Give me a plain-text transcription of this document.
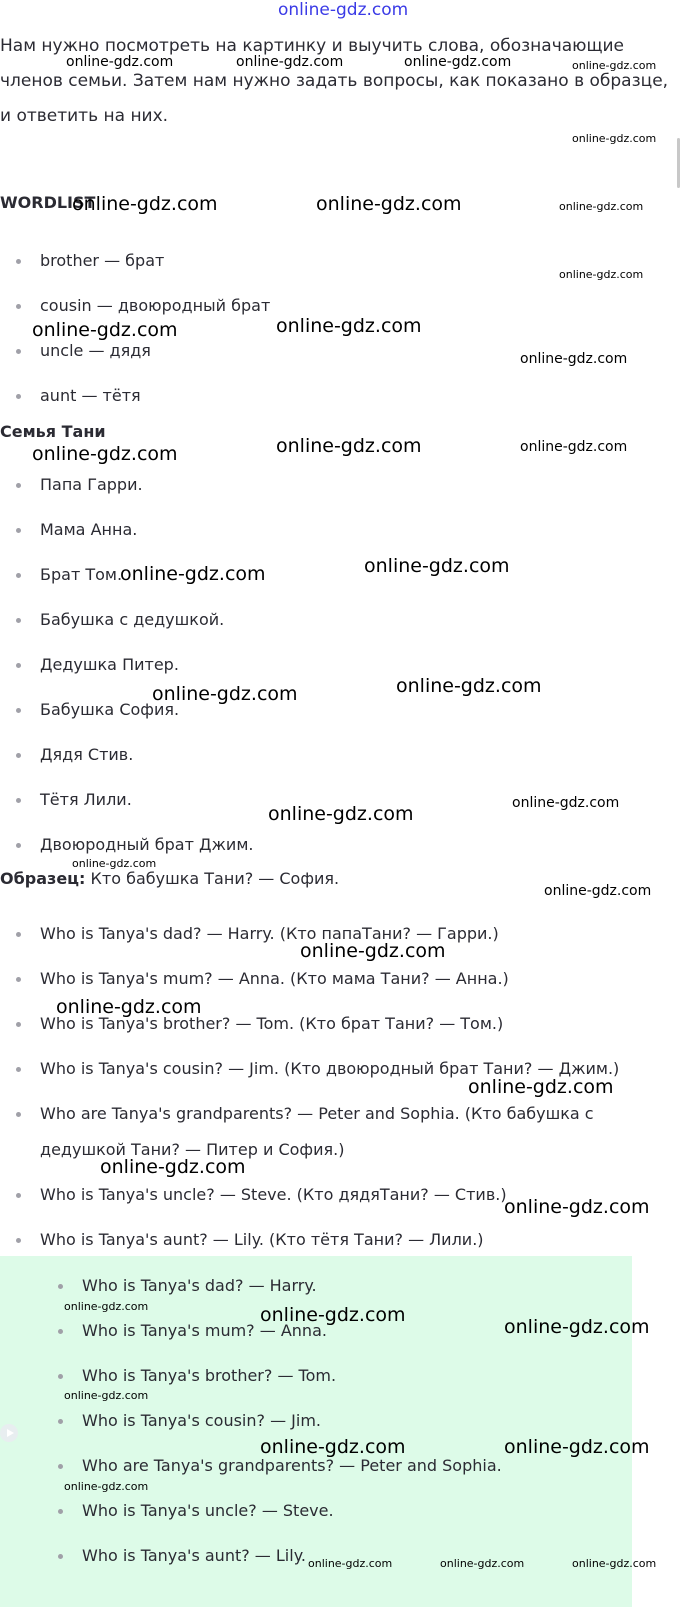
online-gdz.com
Нам нужно посмотреть на картинку и выучить слова, обозначающие членов семьи. Затем нам нужно задать вопросы, как показано в образце, и ответить на них.
WORDLIST
brother — брат
cousin — двоюродный брат
uncle — дядя
aunt — тётя
Семья Тани
Папа Гарри.
Мама Анна.
Брат Том.
Бабушка с дедушкой.
Дедушка Питер.
Бабушка София.
Дядя Стив.
Тётя Лили.
Двоюродный брат Джим.
Образец: Кто бабушка Тани? — София.
Who is Tanya's dad? — Harry. (Кто папаТани? — Гарри.)
Who is Tanya's mum? — Anna. (Кто мама Тани? — Анна.)
Who is Tanya's brother? — Tom. (Кто брат Тани? — Том.)
Who is Tanya's cousin? — Jim. (Кто двоюродный брат Тани? — Джим.)
Who are Tanya's grandparents? — Peter and Sophia. (Кто бабушка с дедушкой Тани? — Питер и София.)
Who is Tanya's uncle? — Steve. (Кто дядяТани? — Стив.)
Who is Tanya's aunt? — Lily. (Кто тётя Тани? — Лили.)
Who is Tanya's dad? — Harry.
Who is Tanya's mum? — Anna.
Who is Tanya's brother? — Tom.
Who is Tanya's cousin? — Jim.
Who are Tanya's grandparents? — Peter and Sophia.
Who is Tanya's uncle? — Steve.
Who is Tanya's aunt? — Lily.
online-gdz.com	online-gdz.com	online-gdz.com	online-gdz.com
online-gdz.com
online-gdz.com	online-gdz.com	online-gdz.com
online-gdz.com
online-gdz.com	online-gdz.com
online-gdz.com
online-gdz.com	online-gdz.com	online-gdz.com
online-gdz.com	online-gdz.com
online-gdz.com	online-gdz.com
online-gdz.com	online-gdz.com
online-gdz.com
online-gdz.com
online-gdz.com
online-gdz.com
online-gdz.com
online-gdz.com
online-gdz.com
online-gdz.com	online-gdz.com
online-gdz.com
online-gdz.com
online-gdz.com	online-gdz.com
online-gdz.com
online-gdz.com	online-gdz.com	online-gdz.com
